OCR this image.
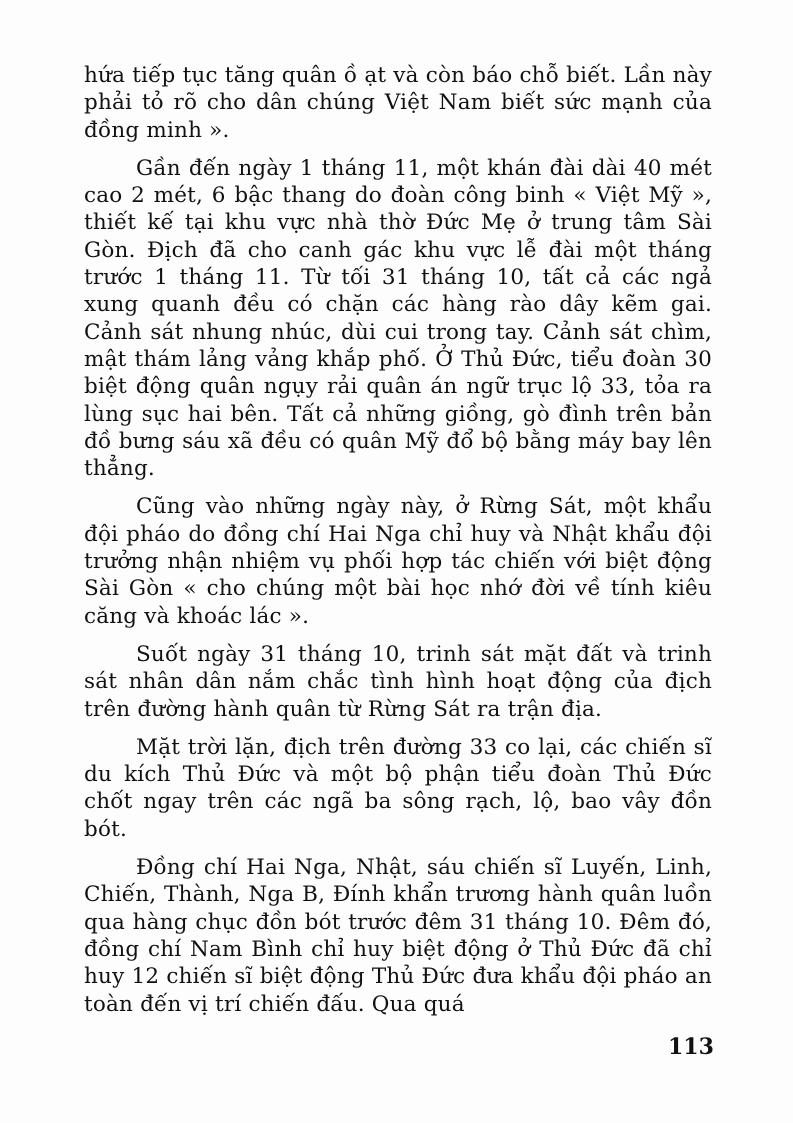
hứa tiếp tục tăng quân ồ ạt và còn báo chỗ biết. Lần này phải tỏ rõ cho dân chúng Việt Nam biết sức mạnh của đồng minh ».

Gần đến ngày 1 tháng 11, một khán đài dài 40 mét cao 2 mét, 6 bậc thang do đoàn công binh « Việt Mỹ », thiết kế tại khu vực nhà thờ Đức Mẹ ở trung tâm Sài Gòn. Địch đã cho canh gác khu vực lễ đài một tháng trước 1 tháng 11. Từ tối 31 tháng 10, tất cả các ngả xung quanh đều có chặn các hàng rào dây kẽm gai. Cảnh sát nhung nhúc, dùi cui trong tay. Cảnh sát chìm, mật thám lảng vảng khắp phố. Ở Thủ Đức, tiểu đoàn 30 biệt động quân ngụy rải quân án ngữ trục lộ 33, tỏa ra lùng sục hai bên. Tất cả những giồng, gò đình trên bản đồ bưng sáu xã đều có quân Mỹ đổ bộ bằng máy bay lên thẳng.

Cũng vào những ngày này, ở Rừng Sát, một khẩu đội pháo do đồng chí Hai Nga chỉ huy và Nhật khẩu đội trưởng nhận nhiệm vụ phối hợp tác chiến với biệt động Sài Gòn « cho chúng một bài học nhớ đời về tính kiêu căng và khoác lác ».

Suốt ngày 31 tháng 10, trinh sát mặt đất và trinh sát nhân dân nắm chắc tình hình hoạt động của địch trên đường hành quân từ Rừng Sát ra trận địa.

Mặt trời lặn, địch trên đường 33 co lại, các chiến sĩ du kích Thủ Đức và một bộ phận tiểu đoàn Thủ Đức chốt ngay trên các ngã ba sông rạch, lộ, bao vây đồn bót.

Đồng chí Hai Nga, Nhật, sáu chiến sĩ Luyến, Linh, Chiến, Thành, Nga B, Đính khẩn trương hành quân luồn qua hàng chục đồn bót trước đêm 31 tháng 10. Đêm đó, đồng chí Nam Bình chỉ huy biệt động ở Thủ Đức đã chỉ huy 12 chiến sĩ biệt động Thủ Đức đưa khẩu đội pháo an toàn đến vị trí chiến đấu. Qua quá

113
